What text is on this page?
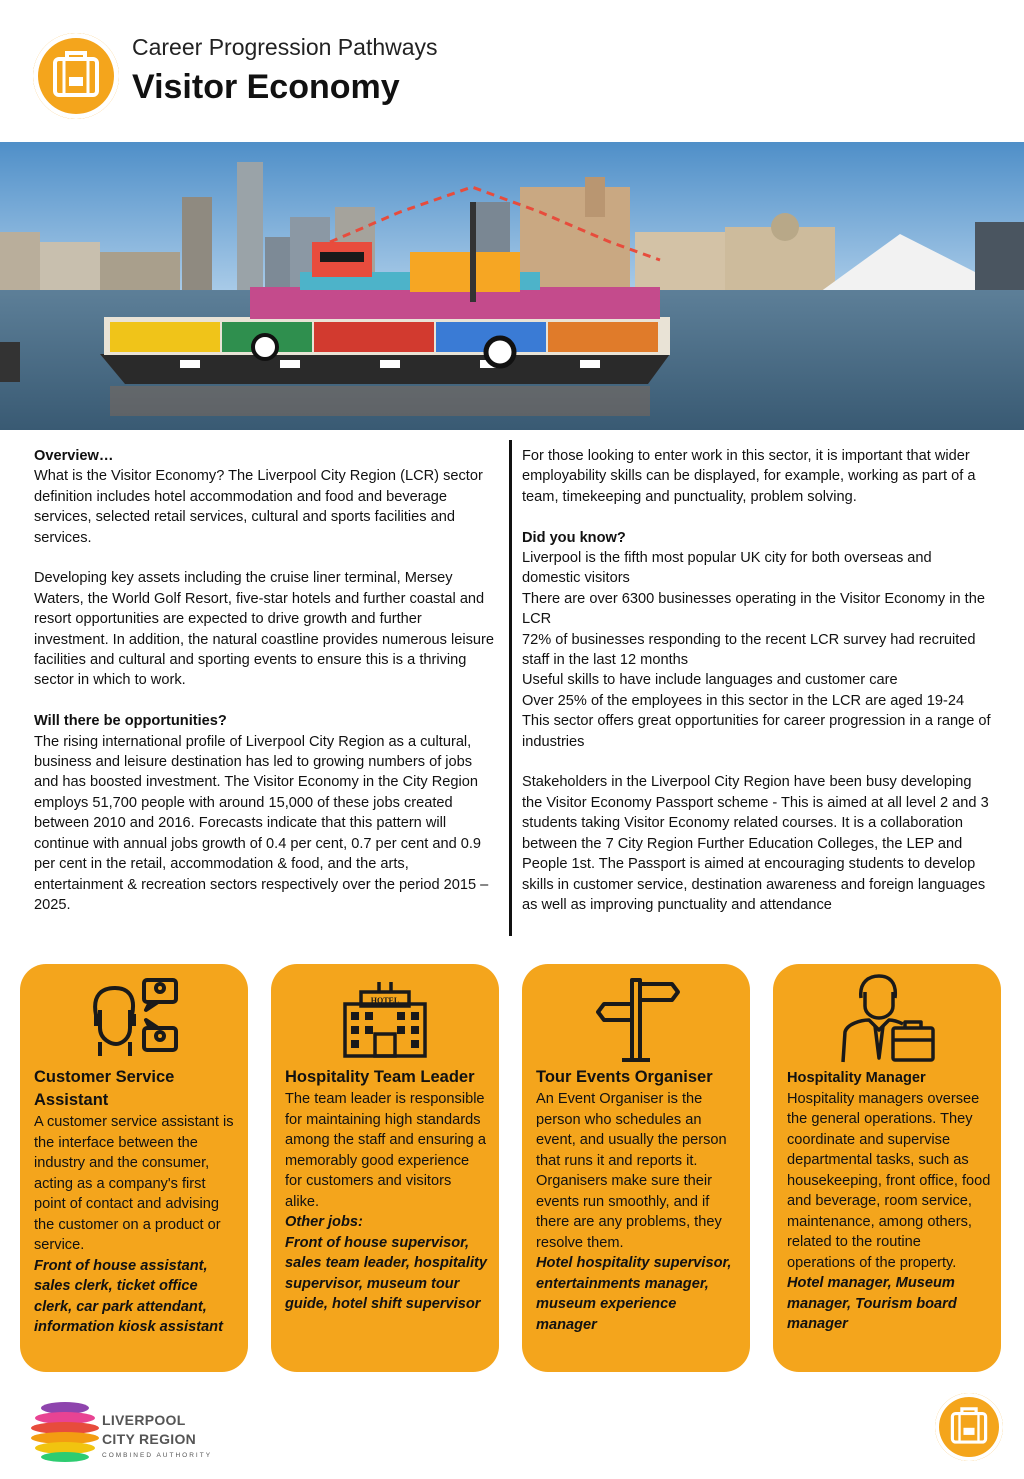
Career Progression Pathways
Visitor Economy

Overview…

What is the Visitor Economy? The Liverpool City Region (LCR) sector definition includes hotel accommodation and food and beverage services, selected retail services, cultural and sports facilities and services.

Developing key assets including the cruise liner terminal, Mersey Waters, the World Golf Resort, five-star hotels and further coastal and resort opportunities are expected to drive growth and further investment. In addition, the natural coastline provides numerous leisure facilities and cultural and sporting events to ensure this is a thriving sector in which to work.

Will there be opportunities?

The rising international profile of Liverpool City Region as a cultural, business and leisure destination has led to growing numbers of jobs and has boosted investment. The Visitor Economy in the City Region employs 51,700 people with around 15,000 of these jobs created between 2010 and 2016. Forecasts indicate that this pattern will continue with annual jobs growth of 0.4 per cent, 0.7 per cent and 0.9 per cent in the retail, accommodation & food, and the arts, entertainment & recreation sectors respectively over the period 2015 – 2025.

For those looking to enter work in this sector, it is important that wider employability skills can be displayed, for example, working as part of a team, timekeeping and punctuality, problem solving.

Did you know?

Liverpool is the fifth most popular UK city for both overseas and domestic visitors

There are over 6300 businesses operating in the Visitor Economy in the LCR

72% of businesses responding to the recent LCR survey had recruited staff in the last 12 months

Useful skills to have include languages and customer care

Over 25% of the employees in this sector in the LCR are aged 19-24

This sector offers great opportunities for career progression in a range of industries

Stakeholders in the Liverpool City Region have been busy developing the Visitor Economy Passport scheme - This is aimed at all level 2 and 3 students taking Visitor Economy related courses. It is a collaboration between the 7 City Region Further Education Colleges, the LEP and People 1st. The Passport is aimed at encouraging students to develop skills in customer service, destination awareness and foreign languages as well as improving punctuality and attendance

Customer Service Assistant
A customer service assistant is the interface between the industry and the consumer, acting as a company's first point of contact and advising the customer on a product or service.
Front of house assistant, sales clerk, ticket office clerk, car park attendant, information kiosk assistant
HOTEL
Hospitality Team Leader
The team leader is responsible for maintaining high standards among the staff and ensuring a memorably good experience for customers and visitors alike.
Other jobs:
Front of house supervisor, sales team leader, hospitality supervisor, museum tour guide, hotel shift supervisor
Tour Events Organiser
An Event Organiser is the person who schedules an event, and usually the person that runs it and reports it. Organisers make sure their events run smoothly, and if there are any problems, they resolve them.
Hotel hospitality supervisor, entertainments manager, museum experience manager
Hospitality Manager
Hospitality managers oversee the general operations. They coordinate and supervise departmental tasks, such as housekeeping, front office, food and beverage, room service, maintenance, among others, related to the routine operations of the property.
Hotel manager, Museum manager, Tourism board manager
LIVERPOOL
CITY REGION
COMBINED AUTHORITY
